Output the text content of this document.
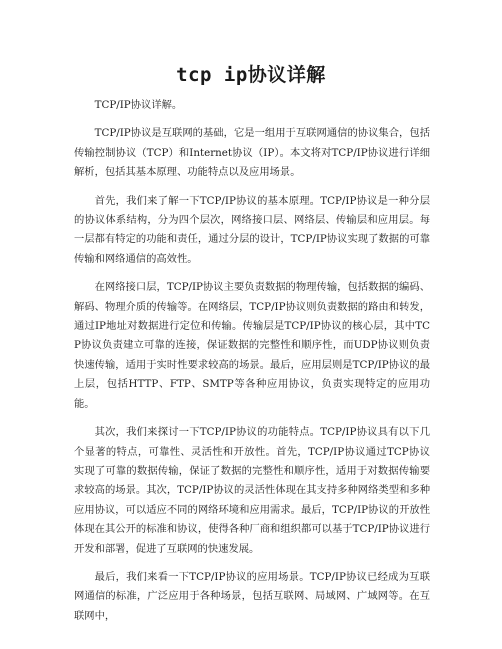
tcp ip协议详解

TCP/IP协议详解。

TCP/IP协议是互联网的基础，它是一组用于互联网通信的协议集合，包括传输控制协议（TCP）和Internet协议（IP）。本文将对TCP/IP协议进行详细解析，包括其基本原理、功能特点以及应用场景。

首先，我们来了解一下TCP/IP协议的基本原理。TCP/IP协议是一种分层的协议体系结构，分为四个层次，网络接口层、网络层、传输层和应用层。每一层都有特定的功能和责任，通过分层的设计，TCP/IP协议实现了数据的可靠传输和网络通信的高效性。

在网络接口层，TCP/IP协议主要负责数据的物理传输，包括数据的编码、解码、物理介质的传输等。在网络层，TCP/IP协议则负责数据的路由和转发，通过IP地址对数据进行定位和传输。传输层是TCP/IP协议的核心层，其中TCP协议负责建立可靠的连接，保证数据的完整性和顺序性，而UDP协议则负责快速传输，适用于实时性要求较高的场景。最后，应用层则是TCP/IP协议的最上层，包括HTTP、FTP、SMTP等各种应用协议，负责实现特定的应用功能。

其次，我们来探讨一下TCP/IP协议的功能特点。TCP/IP协议具有以下几个显著的特点，可靠性、灵活性和开放性。首先，TCP/IP协议通过TCP协议实现了可靠的数据传输，保证了数据的完整性和顺序性，适用于对数据传输要求较高的场景。其次，TCP/IP协议的灵活性体现在其支持多种网络类型和多种应用协议，可以适应不同的网络环境和应用需求。最后，TCP/IP协议的开放性体现在其公开的标准和协议，使得各种厂商和组织都可以基于TCP/IP协议进行开发和部署，促进了互联网的快速发展。

最后，我们来看一下TCP/IP协议的应用场景。TCP/IP协议已经成为互联网通信的标准，广泛应用于各种场景，包括互联网、局域网、广域网等。在互联网中，
